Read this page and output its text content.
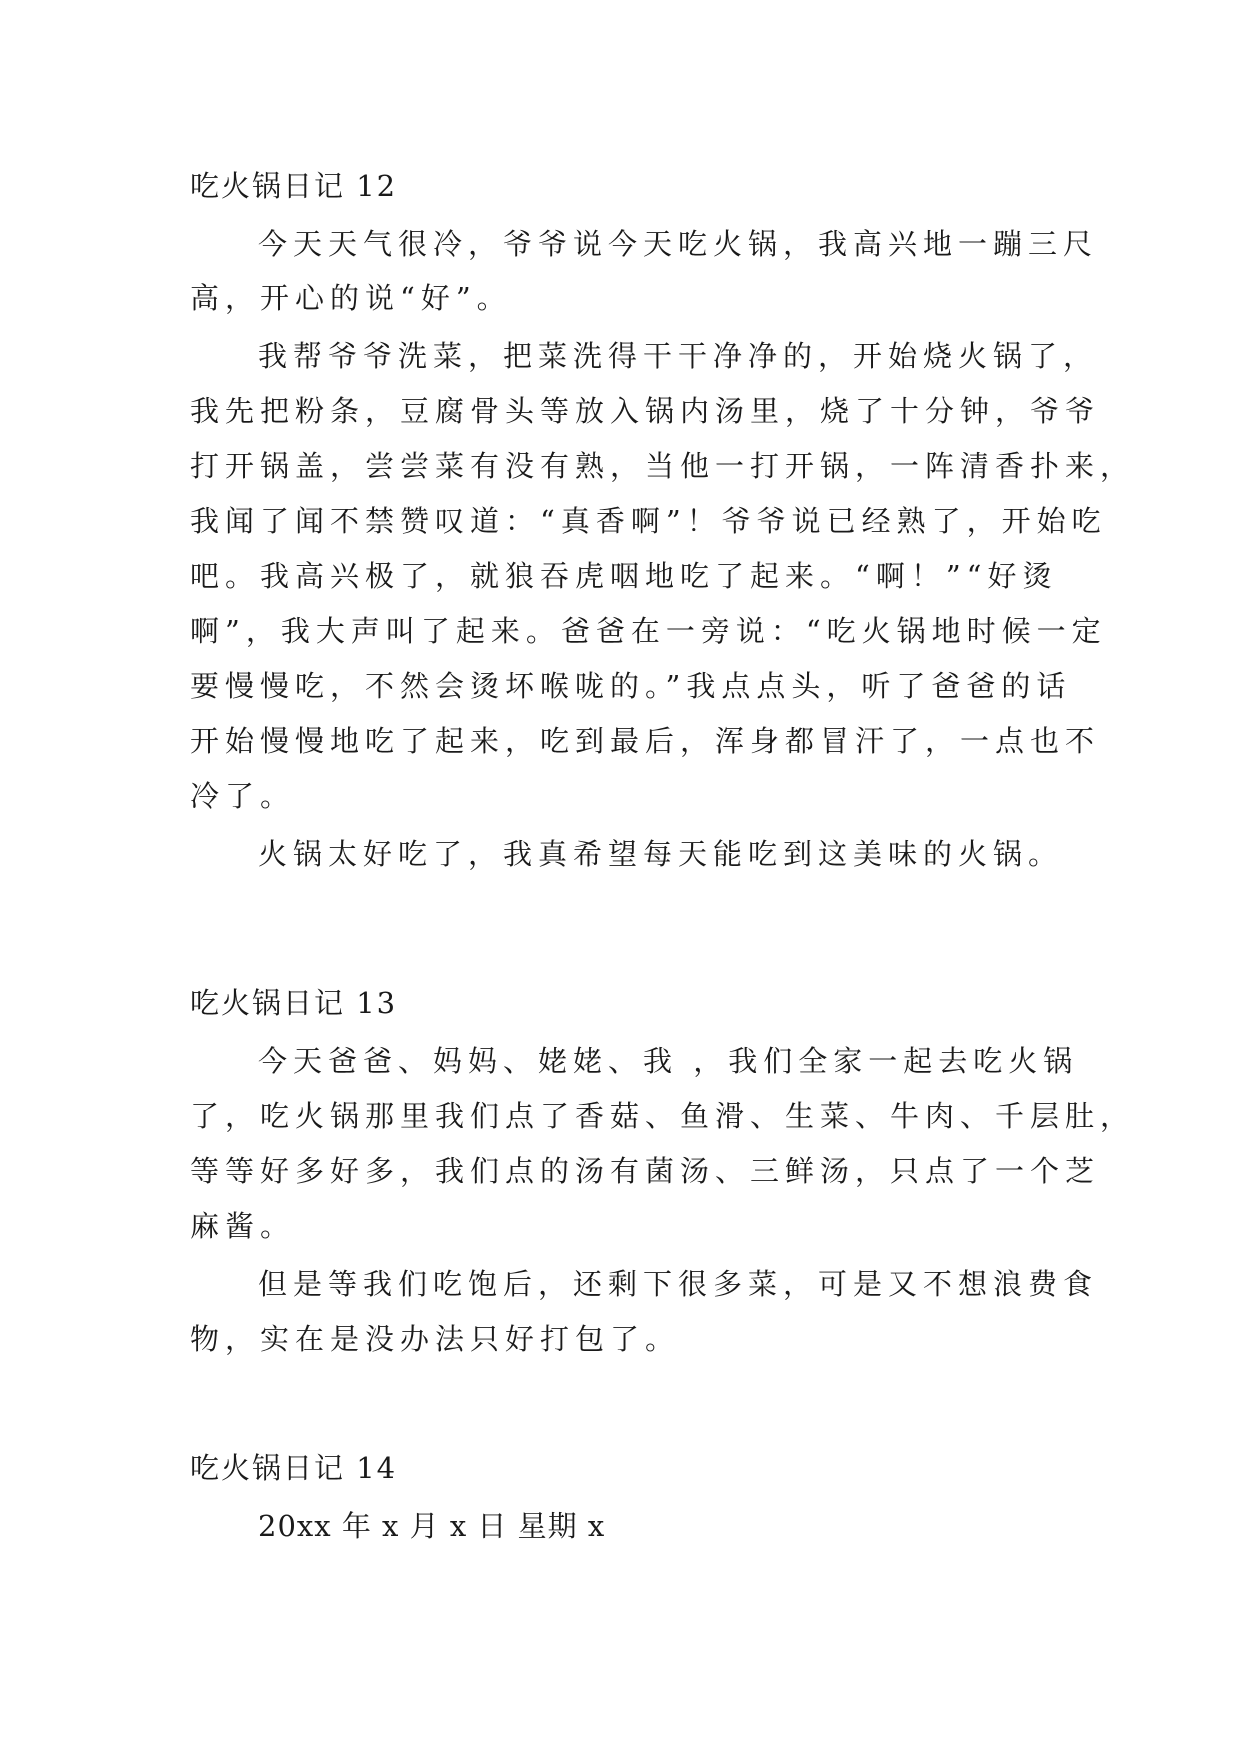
吃火锅日记 12
今天天气很冷，爷爷说今天吃火锅，我高兴地一蹦三尺
高，开心的说“好”。
我帮爷爷洗菜，把菜洗得干干净净的，开始烧火锅了，
我先把粉条，豆腐骨头等放入锅内汤里，烧了十分钟，爷爷
打开锅盖，尝尝菜有没有熟，当他一打开锅，一阵清香扑来，
我闻了闻不禁赞叹道：“真香啊”！爷爷说已经熟了，开始吃
吧。我高兴极了，就狼吞虎咽地吃了起来。“啊！”“好烫
啊”，我大声叫了起来。爸爸在一旁说：“吃火锅地时候一定
要慢慢吃，不然会烫坏喉咙的。”我点点头，听了爸爸的话
开始慢慢地吃了起来，吃到最后，浑身都冒汗了，一点也不
冷了。
火锅太好吃了，我真希望每天能吃到这美味的火锅。
吃火锅日记 13
今天爸爸、妈妈、姥姥、我 ，我们全家一起去吃火锅
了，吃火锅那里我们点了香菇、鱼滑、生菜、牛肉、千层肚，
等等好多好多，我们点的汤有菌汤、三鲜汤，只点了一个芝
麻酱。
但是等我们吃饱后，还剩下很多菜，可是又不想浪费食
物，实在是没办法只好打包了。
吃火锅日记 14
20xx 年 x 月 x 日 星期 x
